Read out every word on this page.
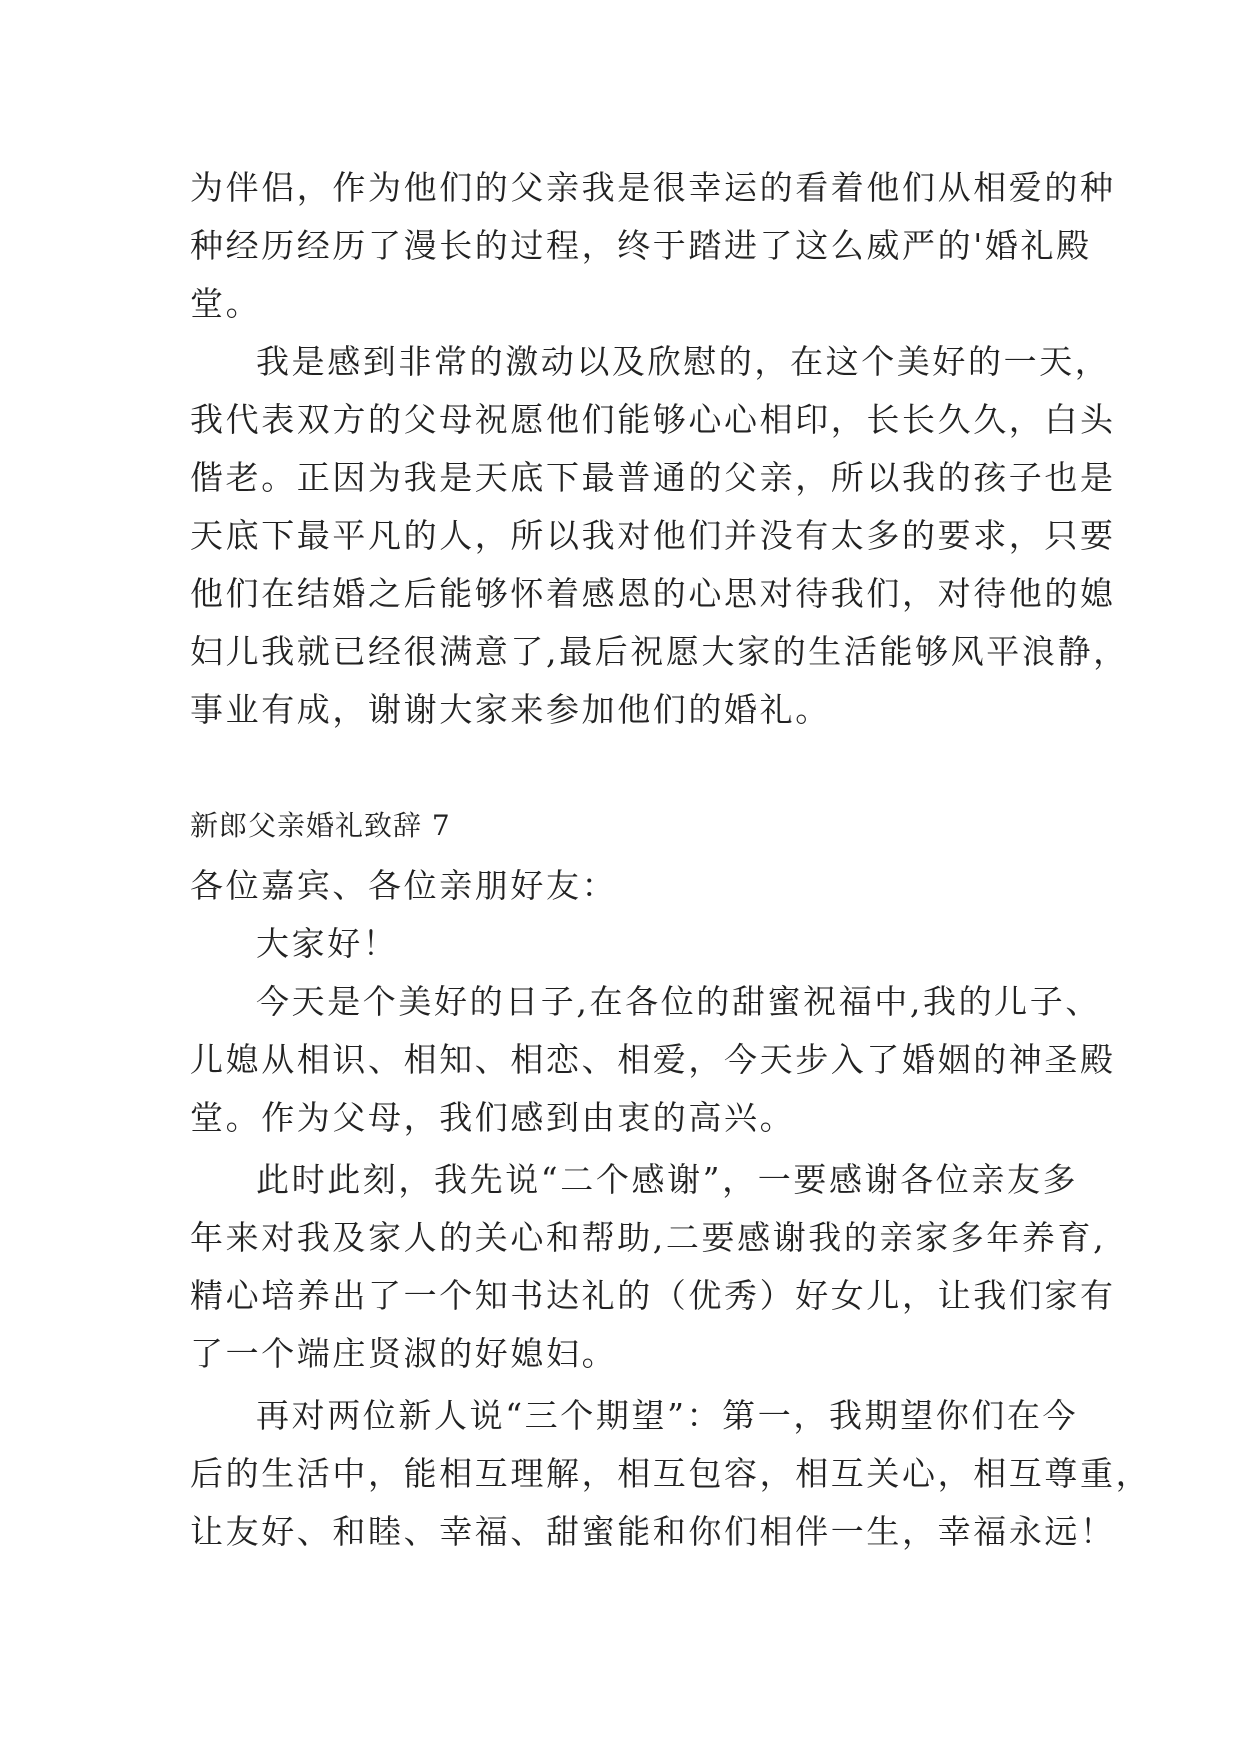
为伴侣，作为他们的父亲我是很幸运的看着他们从相爱的种
种经历经历了漫长的过程，终于踏进了这么威严的'婚礼殿
堂。
我是感到非常的激动以及欣慰的，在这个美好的一天，
我代表双方的父母祝愿他们能够心心相印，长长久久，白头
偕老。正因为我是天底下最普通的父亲，所以我的孩子也是
天底下最平凡的人，所以我对他们并没有太多的要求，只要
他们在结婚之后能够怀着感恩的心思对待我们，对待他的媳
妇儿我就已经很满意了,最后祝愿大家的生活能够风平浪静，
事业有成，谢谢大家来参加他们的婚礼。
新郎父亲婚礼致辞 7
各位嘉宾、各位亲朋好友：
大家好！
今天是个美好的日子,在各位的甜蜜祝福中,我的儿子、
儿媳从相识、相知、相恋、相爱，今天步入了婚姻的神圣殿
堂。作为父母，我们感到由衷的高兴。
此时此刻，我先说“二个感谢”，一要感谢各位亲友多
年来对我及家人的关心和帮助,二要感谢我的亲家多年养育,
精心培养出了一个知书达礼的（优秀）好女儿，让我们家有
了一个端庄贤淑的好媳妇。
再对两位新人说“三个期望”：第一，我期望你们在今
后的生活中，能相互理解，相互包容，相互关心，相互尊重，
让友好、和睦、幸福、甜蜜能和你们相伴一生，幸福永远！
